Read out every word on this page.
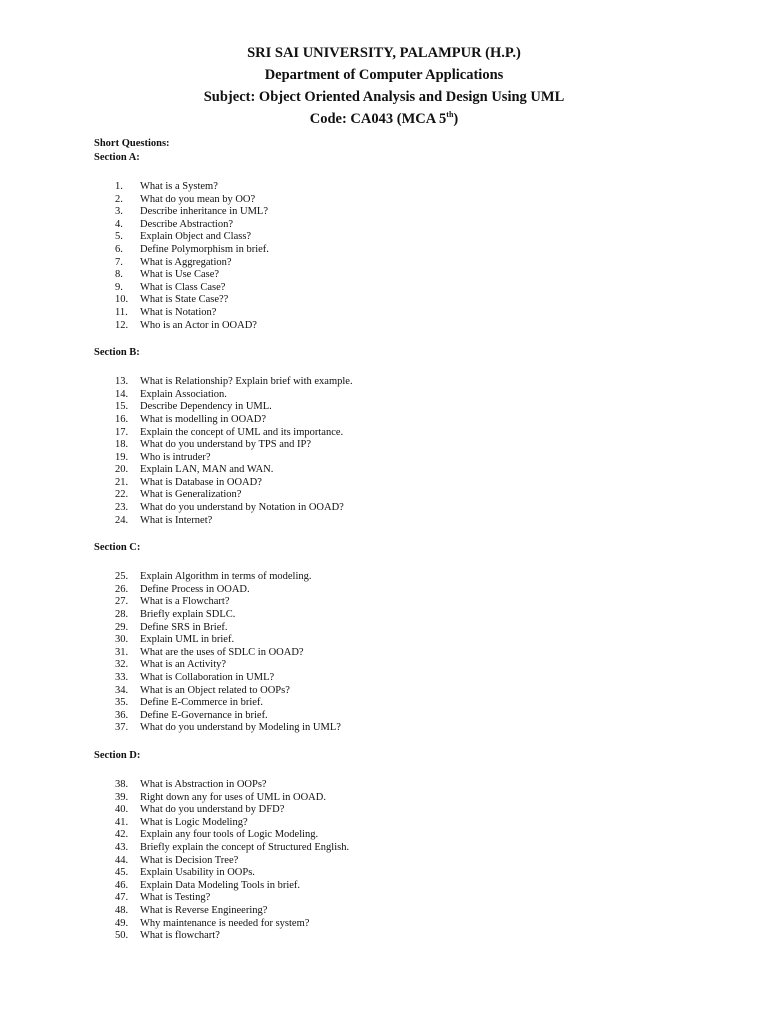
SRI SAI UNIVERSITY, PALAMPUR (H.P.)

Department of Computer Applications

Subject: Object Oriented Analysis and Design Using UML

Code: CA043 (MCA 5th)

Short Questions:

Section A:

1.	What is a System?
2.	What do you mean by OO?
3.	Describe inheritance in UML?
4.	Describe Abstraction?
5.	Explain Object and Class?
6.	Define Polymorphism in brief.
7.	What is Aggregation?
8.	What is Use Case?
9.	What is Class Case?
10.	What is State Case??
11.	What is Notation?
12.	Who is an Actor in OOAD?

Section B:

13.	What is Relationship? Explain brief with example.
14.	Explain Association.
15.	Describe Dependency in UML.
16.	What is modelling in OOAD?
17.	Explain the concept of UML and its importance.
18.	What do you understand by TPS and IP?
19.	Who is intruder?
20.	Explain LAN, MAN and WAN.
21.	What is Database in OOAD?
22.	What is Generalization?
23.	What do you understand by Notation in OOAD?
24.	What is Internet?

Section C:

25.	Explain Algorithm in terms of modeling.
26.	Define Process in OOAD.
27.	What is a Flowchart?
28.	Briefly explain SDLC.
29.	Define SRS in Brief.
30.	Explain UML in brief.
31.	What are the uses of SDLC in OOAD?
32.	What is an Activity?
33.	What is Collaboration in UML?
34.	What is an Object related to OOPs?
35.	Define E-Commerce in brief.
36.	Define E-Governance in brief.
37.	What do you understand by Modeling in UML?

Section D:

38.	What is Abstraction in OOPs?
39.	Right down any for uses of UML in OOAD.
40.	What do you understand by DFD?
41.	What is Logic Modeling?
42.	Explain any four tools of Logic Modeling.
43.	Briefly explain the concept of Structured English.
44.	What is Decision Tree?
45.	Explain Usability in OOPs.
46.	Explain Data Modeling Tools in brief.
47.	What is Testing?
48.	What is Reverse Engineering?
49.	Why maintenance is needed for system?
50.	What is flowchart?
